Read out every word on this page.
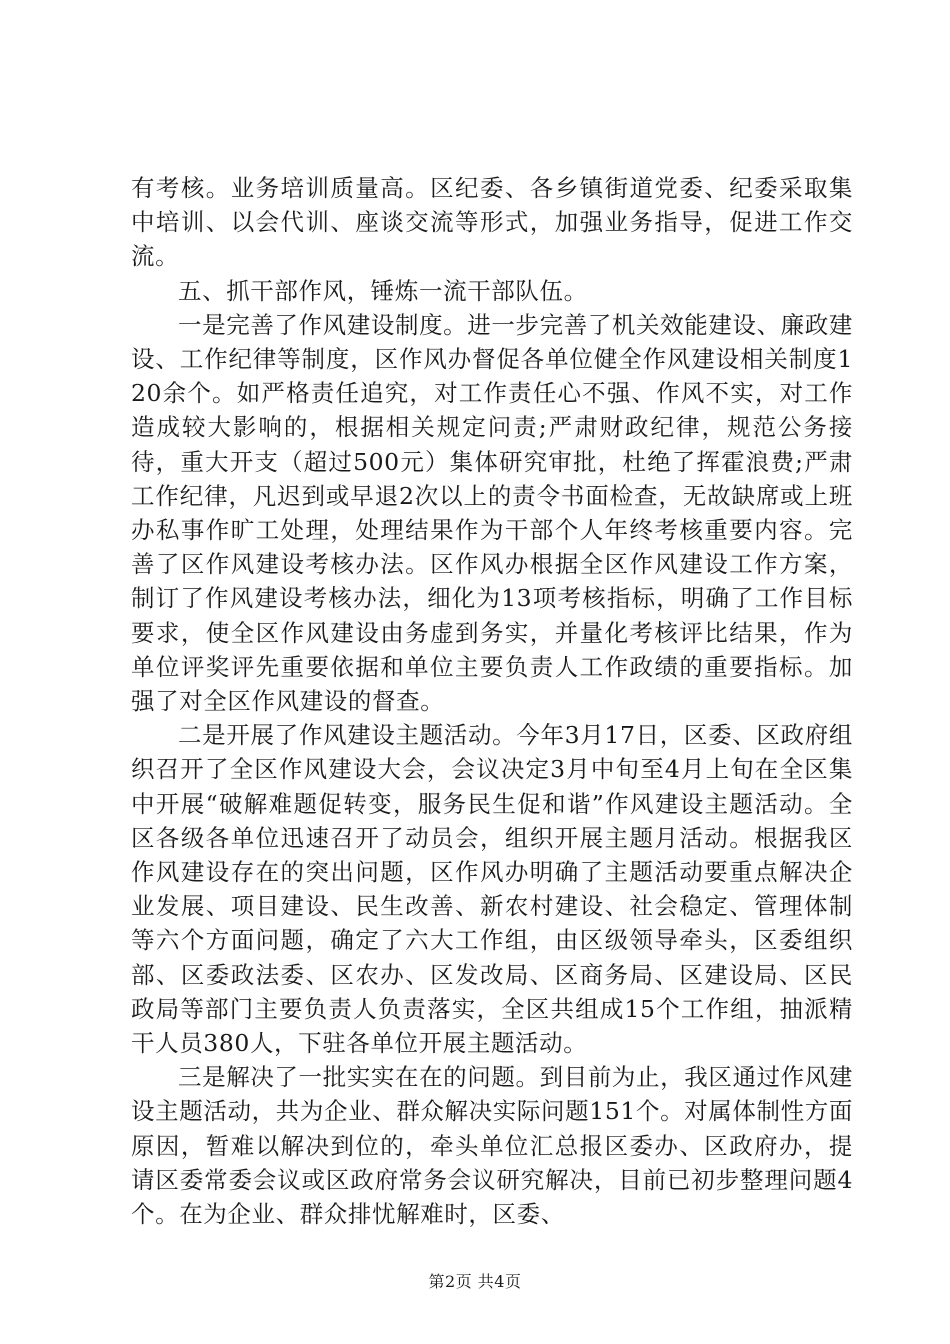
有考核。业务培训质量高。区纪委、各乡镇街道党委、纪委采取集中培训、以会代训、座谈交流等形式，加强业务指导，促进工作交流。

五、抓干部作风，锤炼一流干部队伍。

一是完善了作风建设制度。进一步完善了机关效能建设、廉政建设、工作纪律等制度，区作风办督促各单位健全作风建设相关制度120余个。如严格责任追究，对工作责任心不强、作风不实，对工作造成较大影响的，根据相关规定问责;严肃财政纪律，规范公务接待，重大开支（超过500元）集体研究审批，杜绝了挥霍浪费;严肃工作纪律，凡迟到或早退2次以上的责令书面检查，无故缺席或上班办私事作旷工处理，处理结果作为干部个人年终考核重要内容。完善了区作风建设考核办法。区作风办根据全区作风建设工作方案，制订了作风建设考核办法，细化为13项考核指标，明确了工作目标要求，使全区作风建设由务虚到务实，并量化考核评比结果，作为单位评奖评先重要依据和单位主要负责人工作政绩的重要指标。加强了对全区作风建设的督查。

二是开展了作风建设主题活动。今年3月17日，区委、区政府组织召开了全区作风建设大会，会议决定3月中旬至4月上旬在全区集中开展“破解难题促转变，服务民生促和谐”作风建设主题活动。全区各级各单位迅速召开了动员会，组织开展主题月活动。根据我区作风建设存在的突出问题，区作风办明确了主题活动要重点解决企业发展、项目建设、民生改善、新农村建设、社会稳定、管理体制等六个方面问题，确定了六大工作组，由区级领导牵头，区委组织部、区委政法委、区农办、区发改局、区商务局、区建设局、区民政局等部门主要负责人负责落实，全区共组成15个工作组，抽派精干人员380人，下驻各单位开展主题活动。

三是解决了一批实实在在的问题。到目前为止，我区通过作风建设主题活动，共为企业、群众解决实际问题151个。对属体制性方面原因，暂难以解决到位的，牵头单位汇总报区委办、区政府办，提请区委常委会议或区政府常务会议研究解决，目前已初步整理问题4个。在为企业、群众排忧解难时，区委、

第2页 共4页
